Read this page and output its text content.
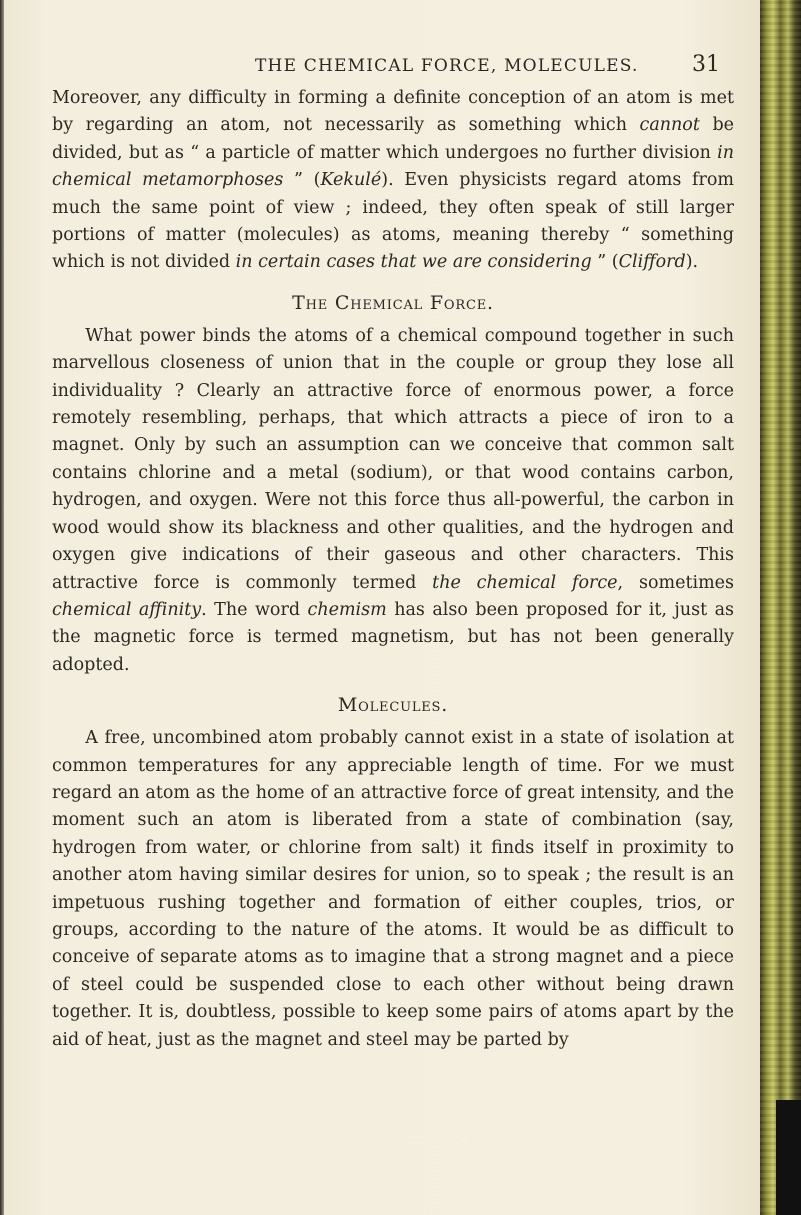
THE CHEMICAL FORCE, MOLECULES. 31

Moreover, any difficulty in forming a definite conception of an atom is met by regarding an atom, not necessarily as something which cannot be divided, but as “ a particle of matter which undergoes no further division in chemical metamorphoses ” (Kekulé). Even physicists regard atoms from much the same point of view ; indeed, they often speak of still larger portions of matter (molecules) as atoms, meaning thereby “ something which is not divided in certain cases that we are considering ” (Clifford).

The Chemical Force.

What power binds the atoms of a chemical compound together in such marvellous closeness of union that in the couple or group they lose all individuality ? Clearly an attractive force of enormous power, a force remotely resembling, perhaps, that which attracts a piece of iron to a magnet. Only by such an assumption can we conceive that common salt contains chlorine and a metal (sodium), or that wood contains carbon, hydrogen, and oxygen. Were not this force thus all-powerful, the carbon in wood would show its blackness and other qualities, and the hydrogen and oxygen give indications of their gaseous and other characters. This attractive force is commonly termed the chemical force, sometimes chemical affinity. The word chemism has also been proposed for it, just as the magnetic force is termed magnetism, but has not been generally adopted.

Molecules.

A free, uncombined atom probably cannot exist in a state of isolation at common temperatures for any appreciable length of time. For we must regard an atom as the home of an attractive force of great intensity, and the moment such an atom is liberated from a state of combination (say, hydrogen from water, or chlorine from salt) it finds itself in proximity to another atom having similar desires for union, so to speak ; the result is an impetuous rushing together and formation of either couples, trios, or groups, according to the nature of the atoms. It would be as difficult to conceive of separate atoms as to imagine that a strong magnet and a piece of steel could be suspended close to each other without being drawn together. It is, doubtless, possible to keep some pairs of atoms apart by the aid of heat, just as the magnet and steel may be parted by
